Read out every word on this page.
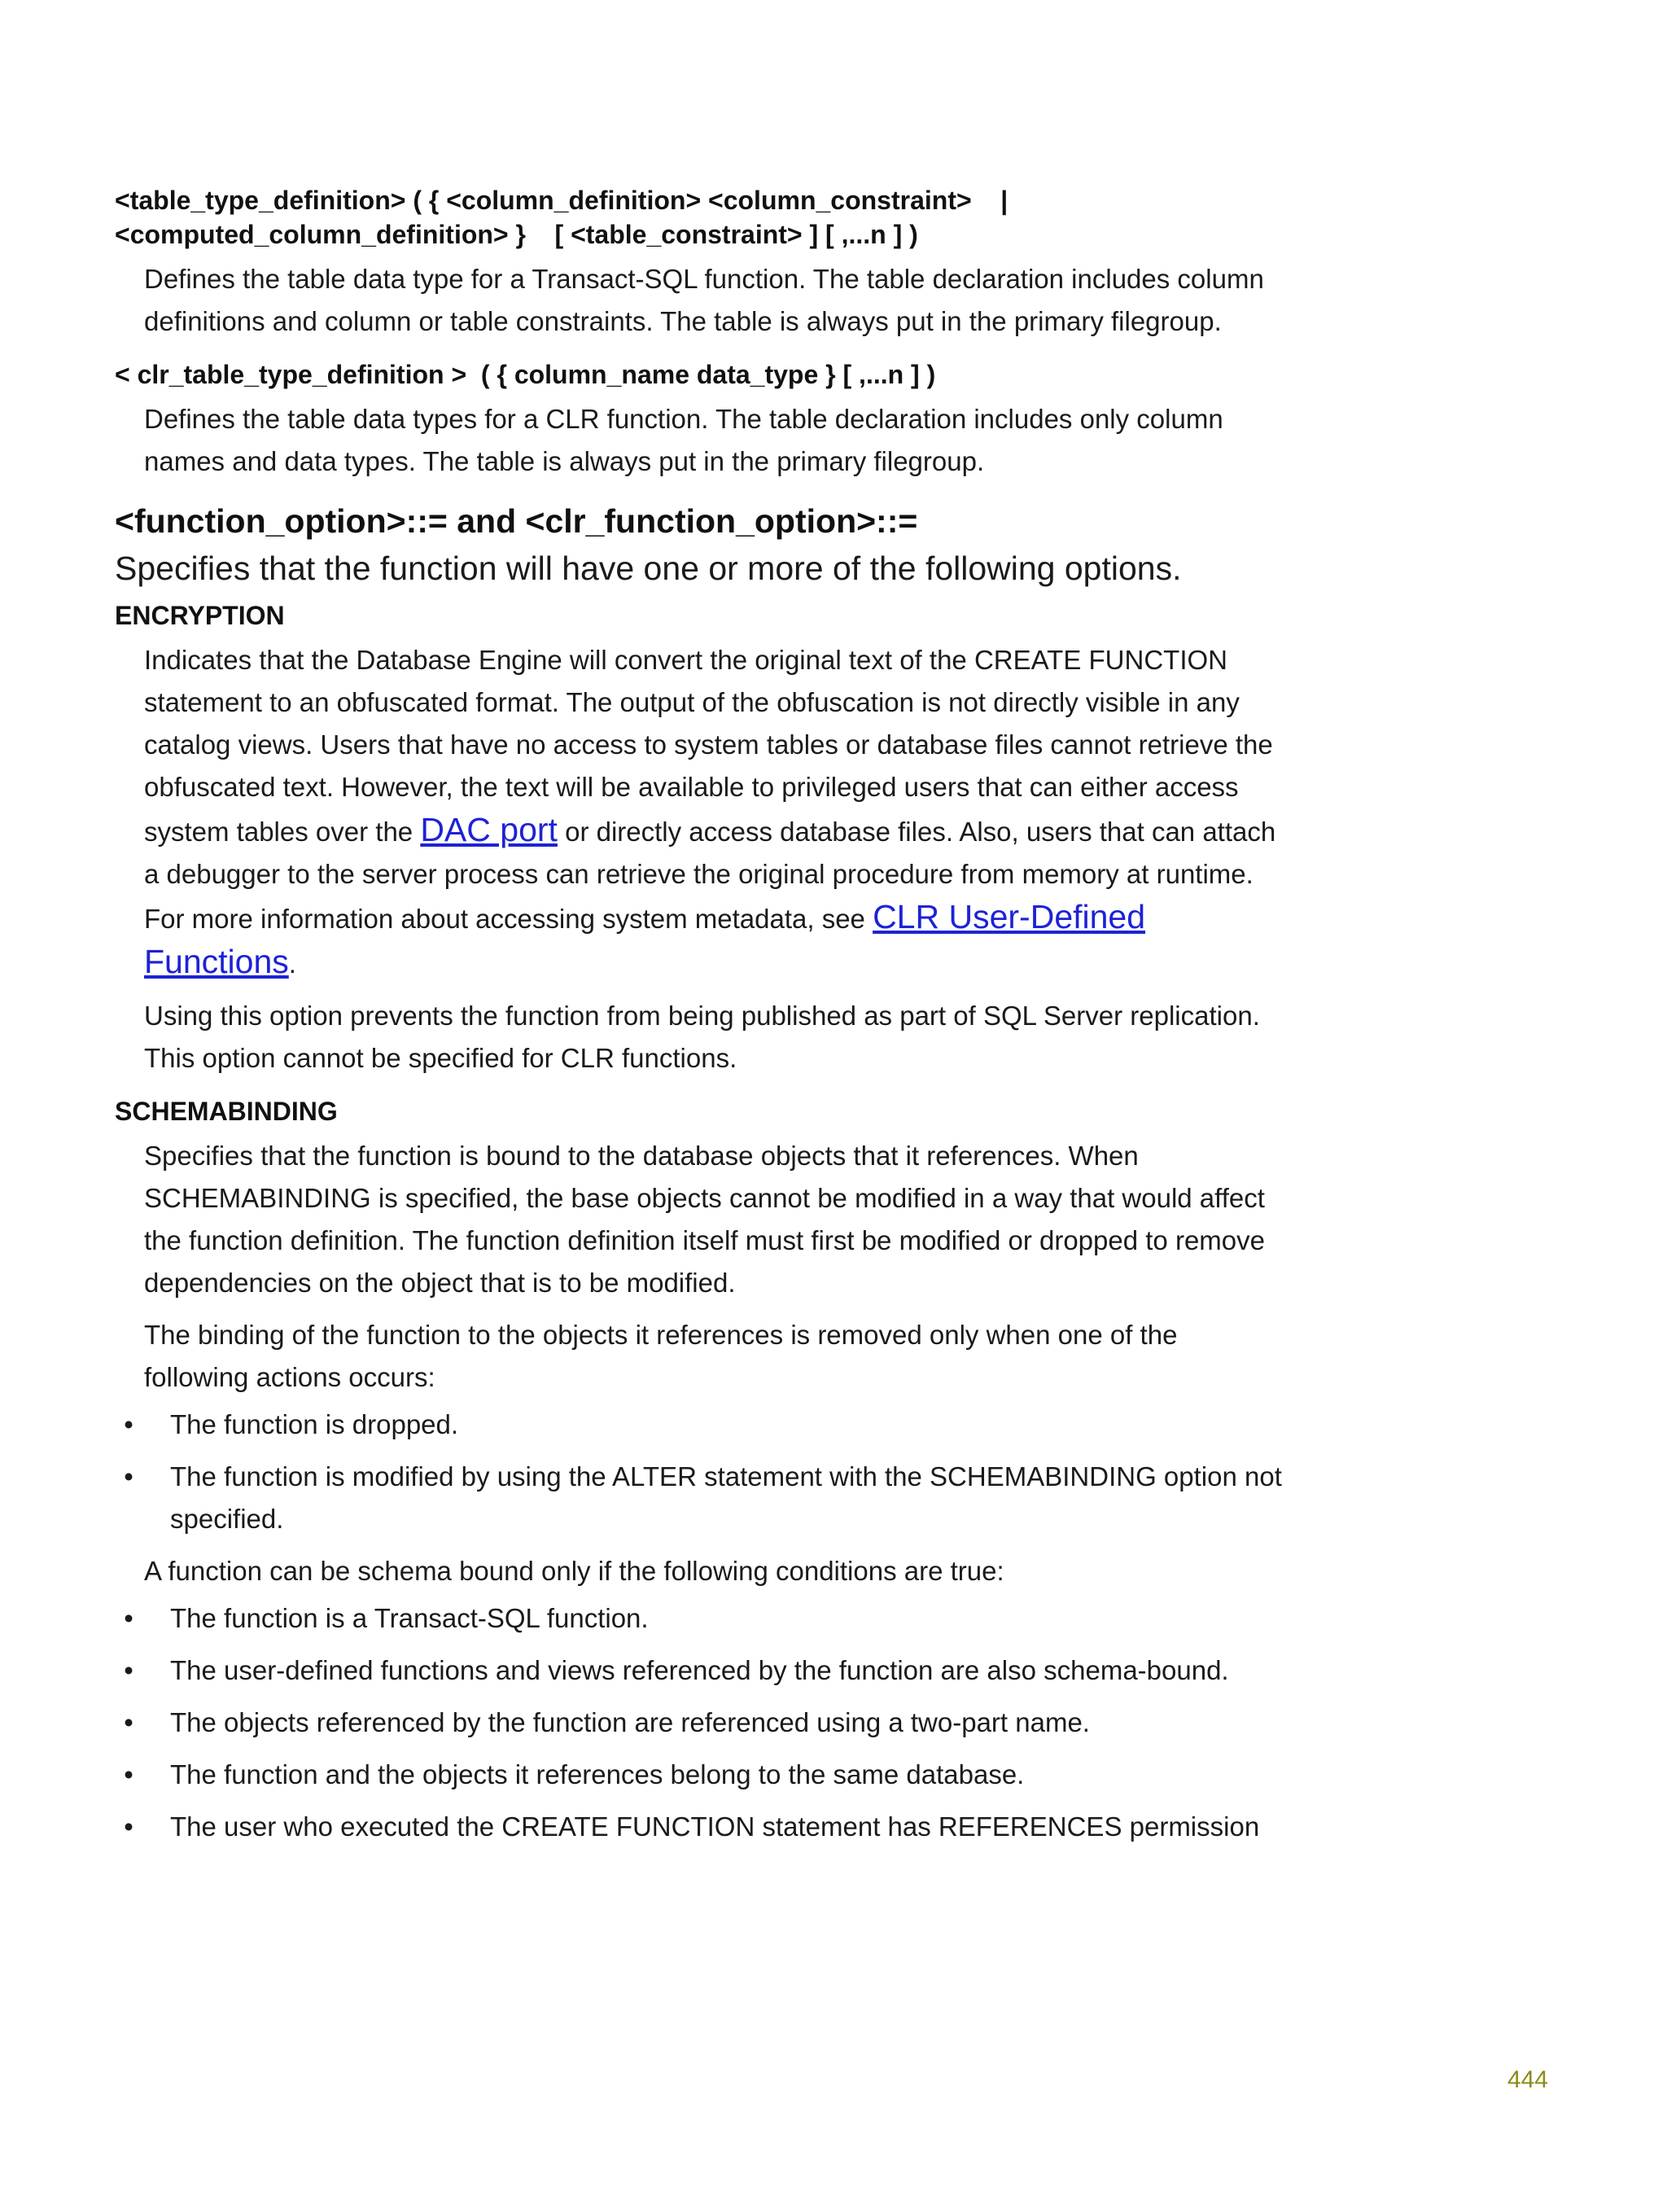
<table_type_definition> ( { <column_definition> <column_constraint>    |
<computed_column_definition> }    [ <table_constraint> ] [ ,...n ] )

Defines the table data type for a Transact-SQL function. The table declaration includes column definitions and column or table constraints. The table is always put in the primary filegroup.

< clr_table_type_definition >  ( { column_name data_type } [ ,...n ] )

Defines the table data types for a CLR function. The table declaration includes only column names and data types. The table is always put in the primary filegroup.

<function_option>::= and <clr_function_option>::=
Specifies that the function will have one or more of the following options.
ENCRYPTION

Indicates that the Database Engine will convert the original text of the CREATE FUNCTION statement to an obfuscated format. The output of the obfuscation is not directly visible in any catalog views. Users that have no access to system tables or database files cannot retrieve the obfuscated text. However, the text will be available to privileged users that can either access system tables over the DAC port or directly access database files. Also, users that can attach a debugger to the server process can retrieve the original procedure from memory at runtime. For more information about accessing system metadata, see CLR User-Defined Functions.

Using this option prevents the function from being published as part of SQL Server replication. This option cannot be specified for CLR functions.

SCHEMABINDING

Specifies that the function is bound to the database objects that it references. When SCHEMABINDING is specified, the base objects cannot be modified in a way that would affect the function definition. The function definition itself must first be modified or dropped to remove dependencies on the object that is to be modified.

The binding of the function to the objects it references is removed only when one of the following actions occurs:

• The function is dropped.
• The function is modified by using the ALTER statement with the SCHEMABINDING option not specified.

A function can be schema bound only if the following conditions are true:

• The function is a Transact-SQL function.
• The user-defined functions and views referenced by the function are also schema-bound.
• The objects referenced by the function are referenced using a two-part name.
• The function and the objects it references belong to the same database.
• The user who executed the CREATE FUNCTION statement has REFERENCES permission
444
